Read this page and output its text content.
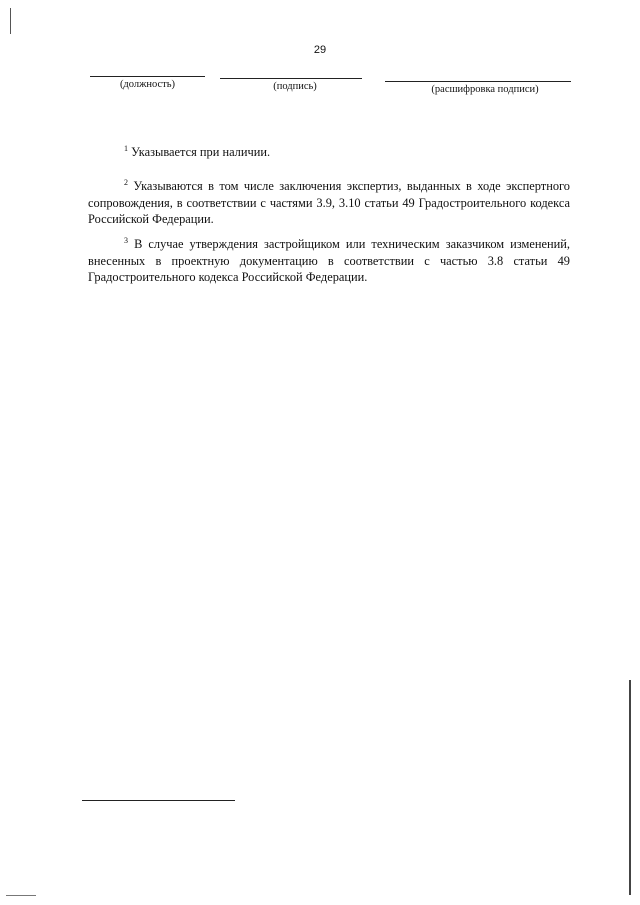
29
(должность)	(подпись)	(расшифровка подписи)

$^1$ Указывается при наличии.

$^2$ Указываются в том числе заключения экспертиз, выданных в ходе экспертного сопровождения, в соответствии с частями 3.9, 3.10 статьи 49 Градостроительного кодекса Российской Федерации.

$^3$ В случае утверждения застройщиком или техническим заказчиком изменений, внесенных в проектную документацию в соответствии с частью 3.8 статьи 49 Градостроительного кодекса Российской Федерации.
